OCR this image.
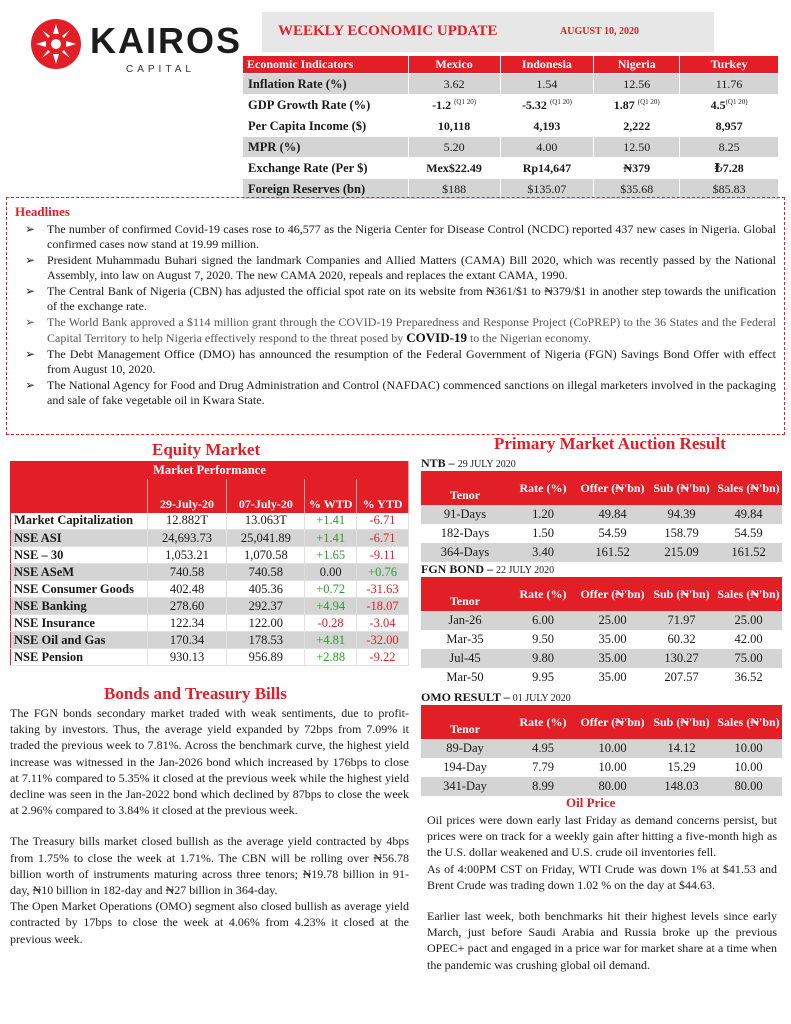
KAIROS
CAPITAL
WEEKLY ECONOMIC UPDATE	AUGUST 10, 2020
Economic Indicators	Mexico	Indonesia	Nigeria	Turkey
Inflation Rate (%)	3.62	1.54	12.56	11.76
GDP Growth Rate (%)	-1.2 $^{(Q1 20)}$	-5.32 $^{(Q1 20)}$	1.87 $^{(Q1 20)}$	$4.5^{(Q1 20)}$
Per Capita Income ($)	10,118	4,193	2,222	8,957
MPR (%)	5.20	4.00	12.50	8.25
Exchange Rate (Per $)	Mex$22.49	Rp14,647	₦379	₺7.28
Foreign Reserves (bn)	$188	$135.07	$35.68	$85.83
Headlines
➢ The number of confirmed Covid-19 cases rose to 46,577 as the Nigeria Center for Disease Control (NCDC) reported 437 new cases in Nigeria. Global confirmed cases now stand at 19.99 million.
➢ President Muhammadu Buhari signed the landmark Companies and Allied Matters (CAMA) Bill 2020, which was recently passed by the National Assembly, into law on August 7, 2020. The new CAMA 2020, repeals and replaces the extant CAMA, 1990.
➢ The Central Bank of Nigeria (CBN) has adjusted the official spot rate on its website from ₦361/$1 to ₦379/$1 in another step towards the unification of the exchange rate.
➢ The World Bank approved a $114 million grant through the COVID-19 Preparedness and Response Project (CoPREP) to the 36 States and the Federal Capital Territory to help Nigeria effectively respond to the threat posed by COVID-19 to the Nigerian economy.
➢ The Debt Management Office (DMO) has announced the resumption of the Federal Government of Nigeria (FGN) Savings Bond Offer with effect from August 10, 2020.
➢ The National Agency for Food and Drug Administration and Control (NAFDAC) commenced sanctions on illegal marketers involved in the packaging and sale of fake vegetable oil in Kwara State.
Equity Market
Market Performance				
	29-July-20	07-July-20	% WTD	% YTD
Market Capitalization	12.882T	13.063T	+1.41	-6.71
NSE ASI	24,693.73	25,041.89	+1.41	-6.71
NSE – 30	1,053.21	1,070.58	+1.65	-9.11
NSE ASeM	740.58	740.58	0.00	+0.76
NSE Consumer Goods	402.48	405.36	+0.72	-31.63
NSE Banking	278.60	292.37	+4.94	-18.07
NSE Insurance	122.34	122.00	-0.28	-3.04
NSE Oil and Gas	170.34	178.53	+4.81	-32.00
NSE Pension	930.13	956.89	+2.88	-9.22
Bonds and Treasury Bills

The FGN bonds secondary market traded with weak sentiments, due to profit-taking by investors. Thus, the average yield expanded by 72bps from 7.09% it traded the previous week to 7.81%. Across the benchmark curve, the highest yield increase was witnessed in the Jan-2026 bond which increased by 176bps to close at 7.11% compared to 5.35% it closed at the previous week while the highest yield decline was seen in the Jan-2022 bond which declined by 87bps to close the week at 2.96% compared to 3.84% it closed at the previous week.

The Treasury bills market closed bullish as the average yield contracted by 4bps from 1.75% to close the week at 1.71%. The CBN will be rolling over ₦56.78 billion worth of instruments maturing across three tenors; ₦19.78 billion in 91-day, ₦10 billion in 182-day and ₦27 billion in 364-day.

The Open Market Operations (OMO) segment also closed bullish as average yield contracted by 17bps to close the week at 4.06% from 4.23% it closed at the previous week.

Primary Market Auction Result
NTB – 29 JULY 2020
Tenor	Rate (%)	Offer (₦'bn)	Sub (₦'bn)	Sales (₦'bn)
91-Days	1.20	49.84	94.39	49.84
182-Days	1.50	54.59	158.79	54.59
364-Days	3.40	161.52	215.09	161.52
FGN BOND – 22 JULY 2020
Tenor	Rate (%)	Offer (₦'bn)	Sub (₦'bn)	Sales (₦'bn)
Jan-26	6.00	25.00	71.97	25.00
Mar-35	9.50	35.00	60.32	42.00
Jul-45	9.80	35.00	130.27	75.00
Mar-50	9.95	35.00	207.57	36.52
OMO RESULT – 01 JULY 2020
Tenor	Rate (%)	Offer (₦'bn)	Sub (₦'bn)	Sales (₦'bn)
89-Day	4.95	10.00	14.12	10.00
194-Day	7.79	10.00	15.29	10.00
341-Day	8.99	80.00	148.03	80.00
Oil Price

Oil prices were down early last Friday as demand concerns persist, but prices were on track for a weekly gain after hitting a five-month high as the U.S. dollar weakened and U.S. crude oil inventories fell.

As of 4:00PM CST on Friday, WTI Crude was down 1% at $41.53 and Brent Crude was trading down 1.02 % on the day at $44.63.

Earlier last week, both benchmarks hit their highest levels since early March, just before Saudi Arabia and Russia broke up the previous OPEC+ pact and engaged in a price war for market share at a time when the pandemic was crushing global oil demand.
